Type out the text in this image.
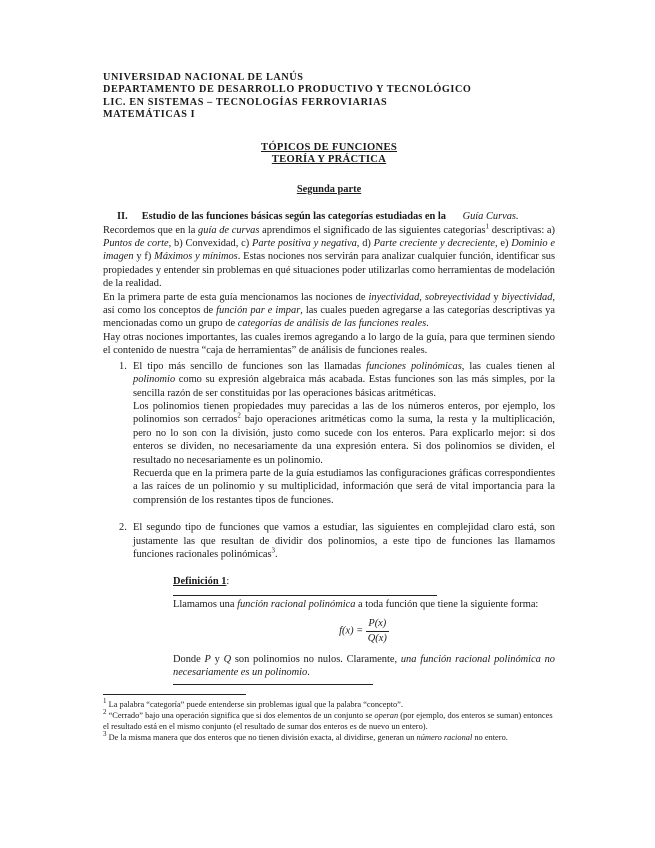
UNIVERSIDAD NACIONAL DE LANÚS
DEPARTAMENTO DE DESARROLLO PRODUCTIVO Y TECNOLÓGICO
LIC. EN SISTEMAS – TECNOLOGÍAS FERROVIARIAS
MATEMÁTICAS I
TÓPICOS DE FUNCIONES
TEORÍA Y PRÁCTICA
Segunda parte
II. Estudio de las funciones básicas según las categorías estudiadas en la Guía Curvas.

Recordemos que en la guía de curvas aprendimos el significado de las siguientes categorías$^1$ descriptivas: a) Puntos de corte, b) Convexidad, c) Parte positiva y negativa, d) Parte creciente y decreciente, e) Dominio e imagen y f) Máximos y mínimos. Estas nociones nos servirán para analizar cualquier función, identificar sus propiedades y entender sin problemas en qué situaciones poder utilizarlas como herramientas de modelación de la realidad.

En la primera parte de esta guía mencionamos las nociones de inyectividad, sobreyectividad y biyectividad, así como los conceptos de función par e impar, las cuales pueden agregarse a las categorías descriptivas ya mencionadas como un grupo de categorías de análisis de las funciones reales.

Hay otras nociones importantes, las cuales iremos agregando a lo largo de la guía, para que terminen siendo el contenido de nuestra “caja de herramientas” de análisis de funciones reales.

1. El tipo más sencillo de funciones son las llamadas funciones polinómicas, las cuales tienen al polinomio como su expresión algebraica más acabada. Estas funciones son las más simples, por la sencilla razón de ser constituidas por las operaciones básicas aritméticas.

Los polinomios tienen propiedades muy parecidas a las de los números enteros, por ejemplo, los polinomios son cerrados$^2$ bajo operaciones aritméticas como la suma, la resta y la multiplicación, pero no lo son con la división, justo como sucede con los enteros. Para explicarlo mejor: si dos enteros se dividen, no necesariamente da una expresión entera. Si dos polinomios se dividen, el resultado no necesariamente es un polinomio.

Recuerda que en la primera parte de la guía estudiamos las configuraciones gráficas correspondientes a las raíces de un polinomio y su multiplicidad, información que será de vital importancia para la comprensión de los restantes tipos de funciones.

2. El segundo tipo de funciones que vamos a estudiar, las siguientes en complejidad claro está, son justamente las que resultan de dividir dos polinomios, a este tipo de funciones las llamamos funciones racionales polinómicas$^3$.

Definición 1:

Llamamos una función racional polinómica a toda función que tiene la siguiente forma:

$f(x) = \frac{P(x)}{Q(x)}$

Donde P y Q son polinomios no nulos. Claramente, una función racional polinómica no necesariamente es un polinomio.

$^1$ La palabra “categoría” puede entenderse sin problemas igual que la palabra “concepto”.
$^2$ “Cerrado” bajo una operación significa que si dos elementos de un conjunto se operan (por ejemplo, dos enteros se suman) entonces el resultado está en el mismo conjunto (el resultado de sumar dos enteros es de nuevo un entero).
$^3$ De la misma manera que dos enteros que no tienen división exacta, al dividirse, generan un número racional no entero.
